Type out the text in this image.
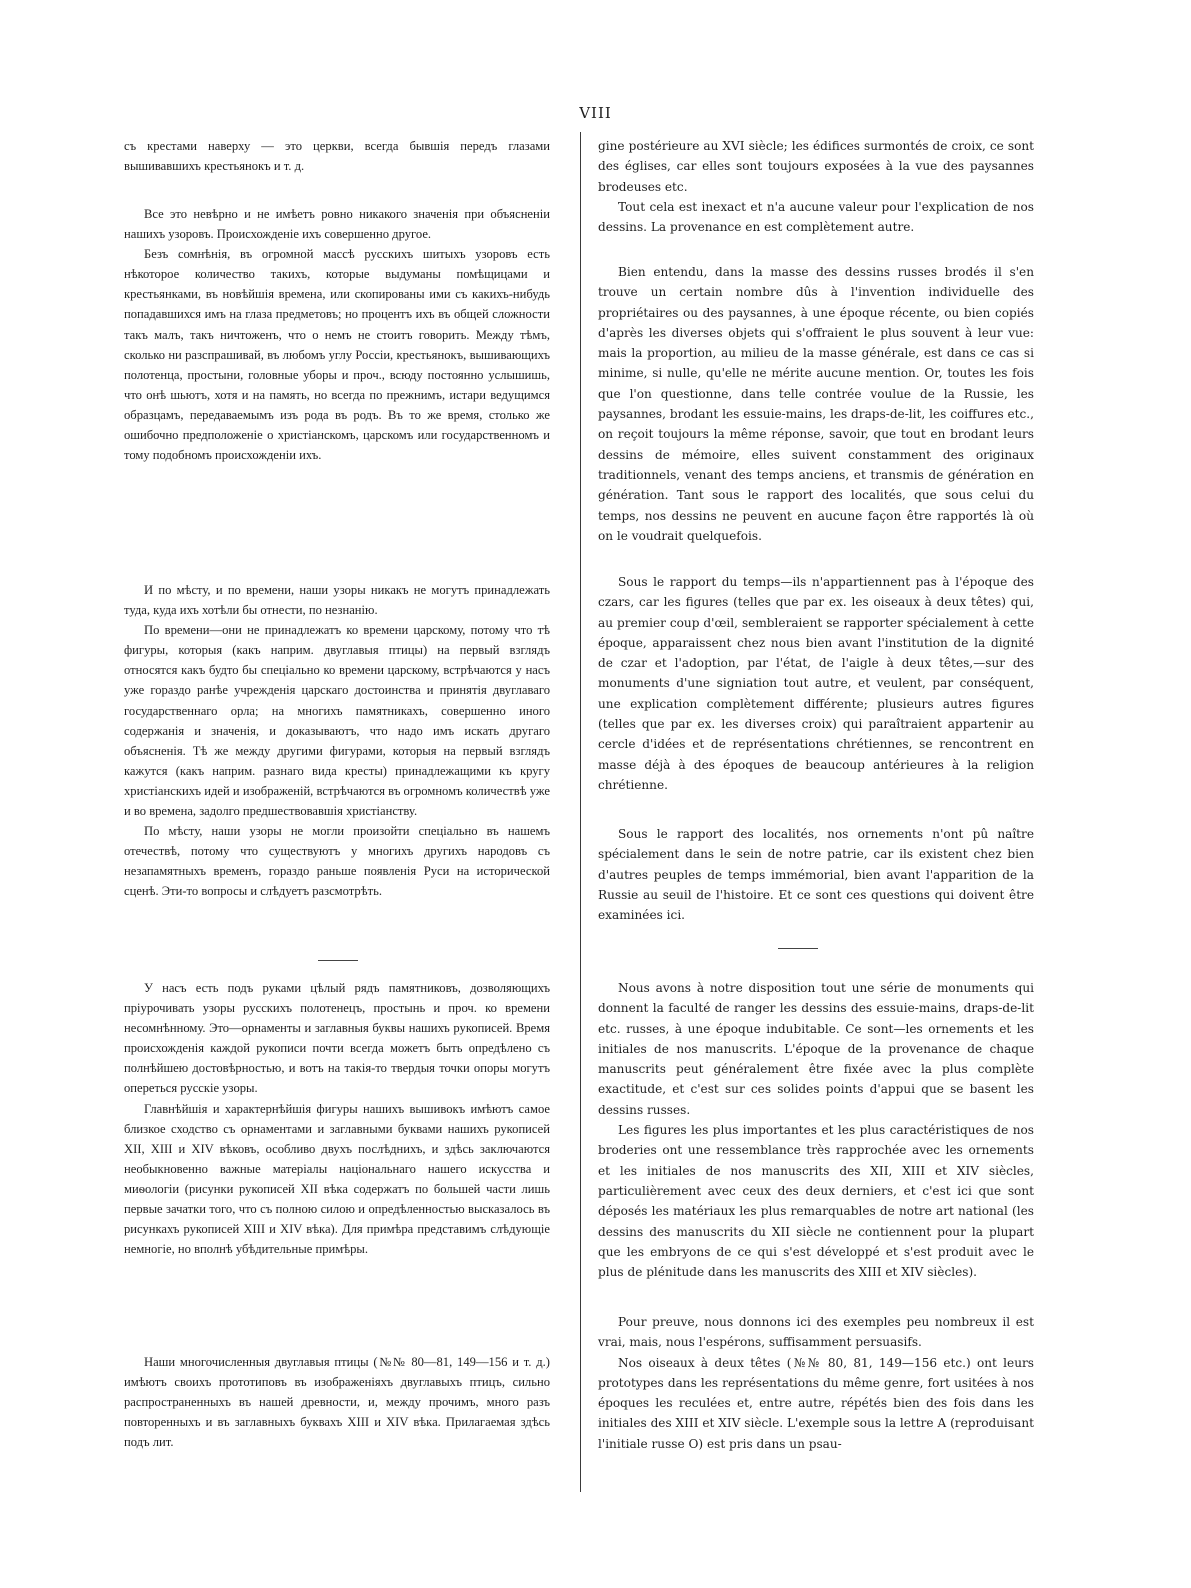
VIII

съ крестами наверху — это церкви, всегда бывшія передъ глазами вышивавшихъ крестьянокъ и т. д.

Все это невѣрно и не имѣетъ ровно никакого значенія при объясненіи нашихъ узоровъ. Происхожденіе ихъ совершенно другое.

Безъ сомнѣнія, въ огромной массѣ русскихъ шитыхъ узоровъ есть нѣкоторое количество такихъ, которые выдуманы помѣщицами и крестьянками, въ новѣйшія времена, или скопированы ими съ какихъ-нибудь попадавшихся имъ на глаза предметовъ; но процентъ ихъ въ общей сложности такъ малъ, такъ ничтоженъ, что о немъ не стоитъ говорить. Между тѣмъ, сколько ни разспрашивай, въ любомъ углу Россіи, крестьянокъ, вышивающихъ полотенца, простыни, головные уборы и проч., всюду постоянно услышишь, что онѣ шьютъ, хотя и на память, но всегда по прежнимъ, истари ведущимся образцамъ, передаваемымъ изъ рода въ родъ. Въ то же время, столько же ошибочно предположеніе о христіанскомъ, царскомъ или государственномъ и тому подобномъ происхожденіи ихъ.

И по мѣсту, и по времени, наши узоры никакъ не могутъ принадлежать туда, куда ихъ хотѣли бы отнести, по незнанію.

По времени—они не принадлежатъ ко времени царскому, потому что тѣ фигуры, которыя (какъ наприм. двуглавыя птицы) на первый взглядъ относятся какъ будто бы спеціально ко времени царскому, встрѣчаются у насъ уже гораздо ранѣе учрежденія царскаго достоинства и принятія двуглаваго государственнаго орла; на многихъ памятникахъ, совершенно иного содержанія и значенія, и доказываютъ, что надо имъ искать другаго объясненія. Тѣ же между другими фигурами, которыя на первый взглядъ кажутся (какъ наприм. разнаго вида кресты) принадлежащими къ кругу христіанскихъ идей и изображеній, встрѣчаются въ огромномъ количествѣ уже и во времена, задолго предшествовавшія христіанству.

По мѣсту, наши узоры не могли произойти спеціально въ нашемъ отечествѣ, потому что существуютъ у многихъ другихъ народовъ съ незапамятныхъ временъ, гораздо раньше появленія Руси на исторической сценѣ. Эти-то вопросы и слѣдуетъ разсмотрѣть.

У насъ есть подъ руками цѣлый рядъ памятниковъ, дозволяющихъ пріурочивать узоры русскихъ полотенецъ, простынь и проч. ко времени несомнѣнному. Это—орнаменты и заглавныя буквы нашихъ рукописей. Время происхожденія каждой рукописи почти всегда можетъ быть опредѣлено съ полнѣйшею достовѣрностью, и вотъ на такія-то твердыя точки опоры могутъ опереться русскіе узоры.

Главнѣйшія и характернѣйшія фигуры нашихъ вышивокъ имѣютъ самое близкое сходство съ орнаментами и заглавными буквами нашихъ рукописей XII, XIII и XIV вѣковъ, особливо двухъ послѣднихъ, и здѣсь заключаются необыкновенно важные матеріалы національнаго нашего искусства и миѳологіи (рисунки рукописей XII вѣка содержатъ по большей части лишь первые зачатки того, что съ полною силою и опредѣленностью высказалось въ рисункахъ рукописей XIII и XIV вѣка). Для примѣра представимъ слѣдующіе немногіе, но вполнѣ убѣдительные примѣры.

Наши многочисленныя двуглавыя птицы (№№ 80—81, 149—156 и т. д.) имѣютъ своихъ прототиповъ въ изображеніяхъ двуглавыхъ птицъ, сильно распространенныхъ въ нашей древности, и, между прочимъ, много разъ повторенныхъ и въ заглавныхъ буквахъ XIII и XIV вѣка. Прилагаемая здѣсь подъ лит.

gine postérieure au XVI siècle; les édifices surmontés de croix, ce sont des églises, car elles sont toujours exposées à la vue des paysannes brodeuses etc.

Tout cela est inexact et n'a aucune valeur pour l'explication de nos dessins. La provenance en est complètement autre.

Bien entendu, dans la masse des dessins russes brodés il s'en trouve un certain nombre dûs à l'invention individuelle des propriétaires ou des paysannes, à une époque récente, ou bien copiés d'après les diverses objets qui s'offraient le plus souvent à leur vue: mais la proportion, au milieu de la masse générale, est dans ce cas si minime, si nulle, qu'elle ne mérite aucune mention. Or, toutes les fois que l'on questionne, dans telle contrée voulue de la Russie, les paysannes, brodant les essuie-mains, les draps-de-lit, les coiffures etc., on reçoit toujours la même réponse, savoir, que tout en brodant leurs dessins de mémoire, elles suivent constamment des originaux traditionnels, venant des temps anciens, et transmis de génération en génération. Tant sous le rapport des localités, que sous celui du temps, nos dessins ne peuvent en aucune façon être rapportés là où on le voudrait quelquefois.

Sous le rapport du temps—ils n'appartiennent pas à l'époque des czars, car les figures (telles que par ex. les oiseaux à deux têtes) qui, au premier coup d'œil, sembleraient se rapporter spécialement à cette époque, apparaissent chez nous bien avant l'institution de la dignité de czar et l'adoption, par l'état, de l'aigle à deux têtes,—sur des monuments d'une signiation tout autre, et veulent, par conséquent, une explication complètement différente; plusieurs autres figures (telles que par ex. les diverses croix) qui paraîtraient appartenir au cercle d'idées et de représentations chrétiennes, se rencontrent en masse déjà à des époques de beaucoup antérieures à la religion chrétienne.

Sous le rapport des localités, nos ornements n'ont pû naître spécialement dans le sein de notre patrie, car ils existent chez bien d'autres peuples de temps immémorial, bien avant l'apparition de la Russie au seuil de l'histoire. Et ce sont ces questions qui doivent être examinées ici.

Nous avons à notre disposition tout une série de monuments qui donnent la faculté de ranger les dessins des essuie-mains, draps-de-lit etc. russes, à une époque indubitable. Ce sont—les ornements et les initiales de nos manuscrits. L'époque de la provenance de chaque manuscrits peut généralement être fixée avec la plus complète exactitude, et c'est sur ces solides points d'appui que se basent les dessins russes.

Les figures les plus importantes et les plus caractéristiques de nos broderies ont une ressemblance très rapprochée avec les ornements et les initiales de nos manuscrits des XII, XIII et XIV siècles, particulièrement avec ceux des deux derniers, et c'est ici que sont déposés les matériaux les plus remarquables de notre art national (les dessins des manuscrits du XII siècle ne contiennent pour la plupart que les embryons de ce qui s'est développé et s'est produit avec le plus de plénitude dans les manuscrits des XIII et XIV siècles).

Pour preuve, nous donnons ici des exemples peu nombreux il est vrai, mais, nous l'espérons, suffisamment persuasifs.

Nos oiseaux à deux têtes (№№ 80, 81, 149—156 etc.) ont leurs prototypes dans les représentations du même genre, fort usitées à nos époques les reculées et, entre autre, répétés bien des fois dans les initiales des XIII et XIV siècle. L'exemple sous la lettre A (reproduisant l'initiale russe О) est pris dans un psau-
